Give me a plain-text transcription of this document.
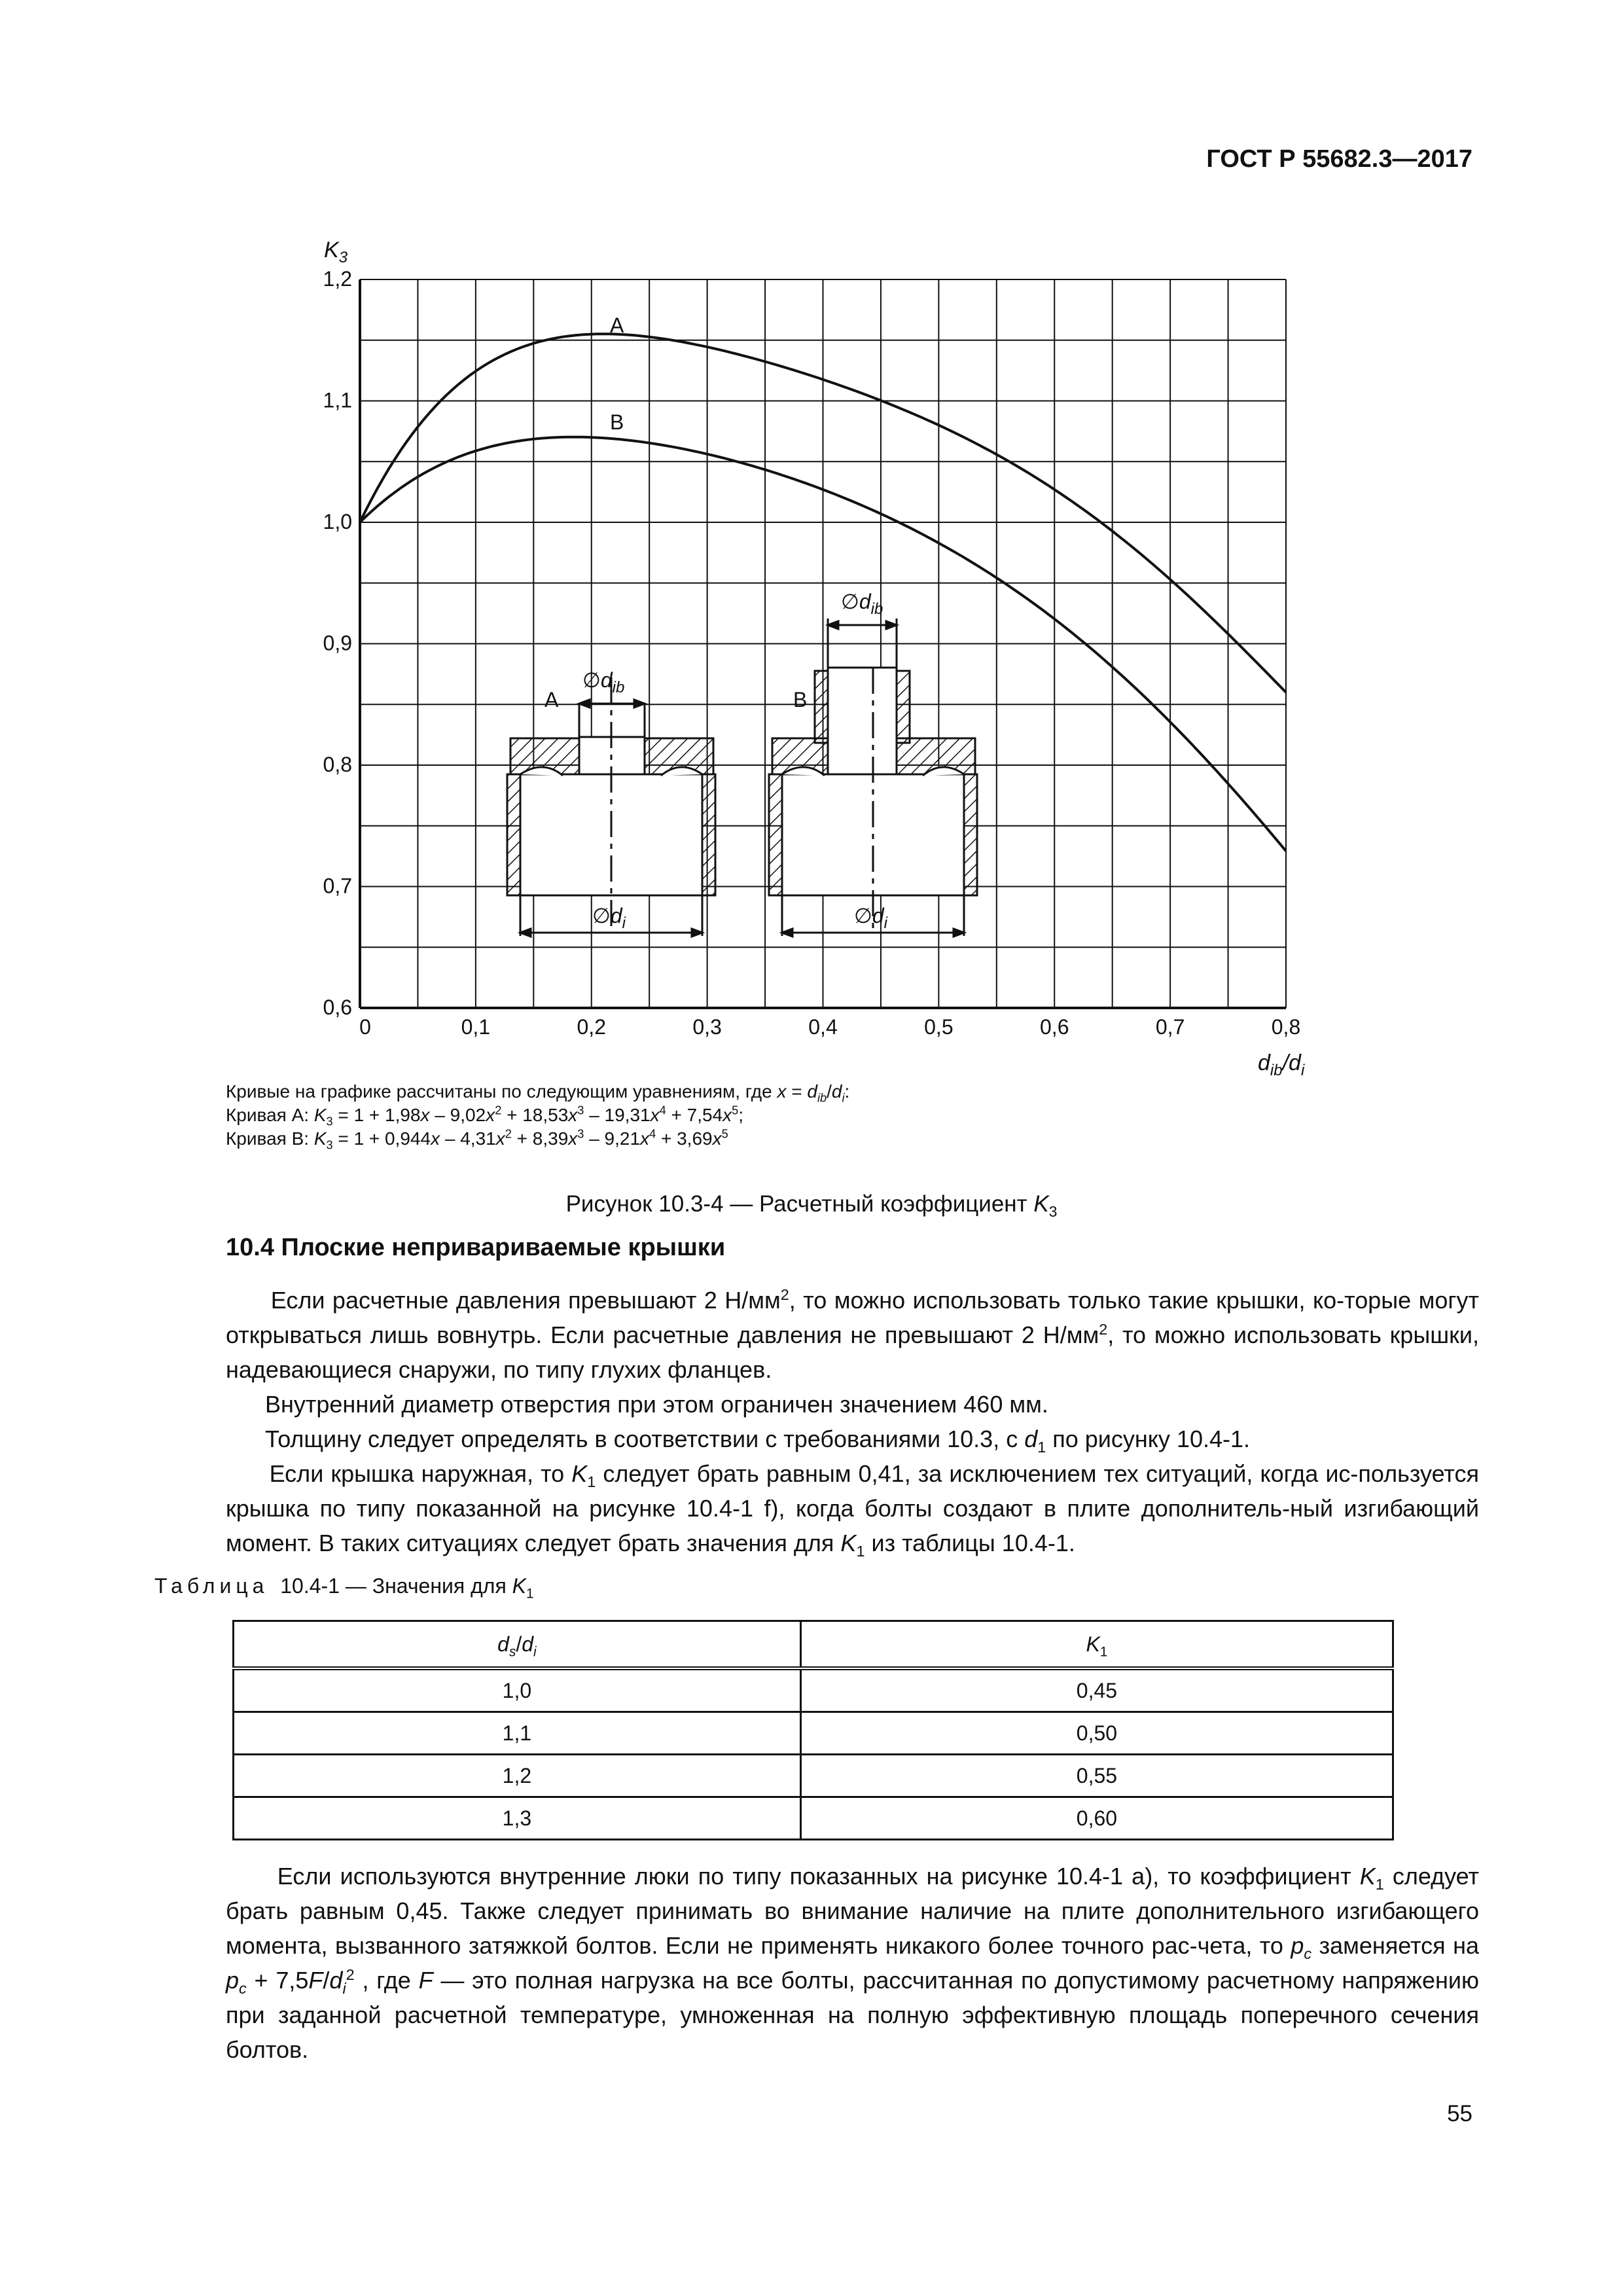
ГОСТ Р 55682.3—2017
0	0,1	0,2	0,3	0,4	0,5	0,6	0,7	0,8
0,6
0,7
0,8
0,9
1,0
1,1
1,2
$K_3$
$d_{ib}/d_i$
A	B
$\emptyset d_{ib}$
$\emptyset d_{ib}$
$\emptyset d_i$	$\emptyset d_i$
A
B
Кривые на графике рассчитаны по следующим уравнениям, где $x = d_{ib}/d_i$:
Кривая А: $K_3 = 1 + 1,98x - 9,02x^2 + 18,53x^3 - 19,31x^4 + 7,54x^5$;
Кривая В: $K_3 = 1 + 0,944x - 4,31x^2 + 8,39x^3 - 9,21x^4 + 3,69x^5$
Рисунок 10.3-4 — Расчетный коэффициент $K_3$
10.4 Плоские неприваpиваемые крышки

Если расчетные давления превышают 2 $Н/мм^2$, то можно использовать только такие крышки, ко-торые могут открываться лишь вовнутрь. Если расчетные давления не превышают 2 $Н/мм^2$, то можно использовать крышки, надевающиеся снаружи, по типу глухих фланцев.

Внутренний диаметр отверстия при этом ограничен значением 460 мм.

Толщину следует определять в соответствии с требованиями 10.3, с $d_1$ по рисунку 10.4-1.

Если крышка наружная, то $K_1$ следует брать равным 0,41, за исключением тех ситуаций, когда ис-пользуется крышка по типу показанной на рисунке 10.4-1 f), когда болты создают в плите дополнитель-ный изгибающий момент. В таких ситуациях следует брать значения для $K_1$ из таблицы 10.4-1.

Таблица  10.4-1 — Значения для $K_1$
$d_s/d_i$	$K_1$
1,0	0,45
1,1	0,50
1,2	0,55
1,3	0,60

Если используются внутренние люки по типу показанных на рисунке 10.4-1 а), то коэффициент $K_1$ следует брать равным 0,45. Также следует принимать во внимание наличие на плите дополнительного изгибающего момента, вызванного затяжкой болтов. Если не применять никакого более точного рас-чета, то $p_c$ заменяется на $p_c + 7,5F/d_i^2$ , где F — это полная нагрузка на все болты, рассчитанная по допустимому расчетному напряжению при заданной расчетной температуре, умноженная на полную эффективную площадь поперечного сечения болтов.

55
